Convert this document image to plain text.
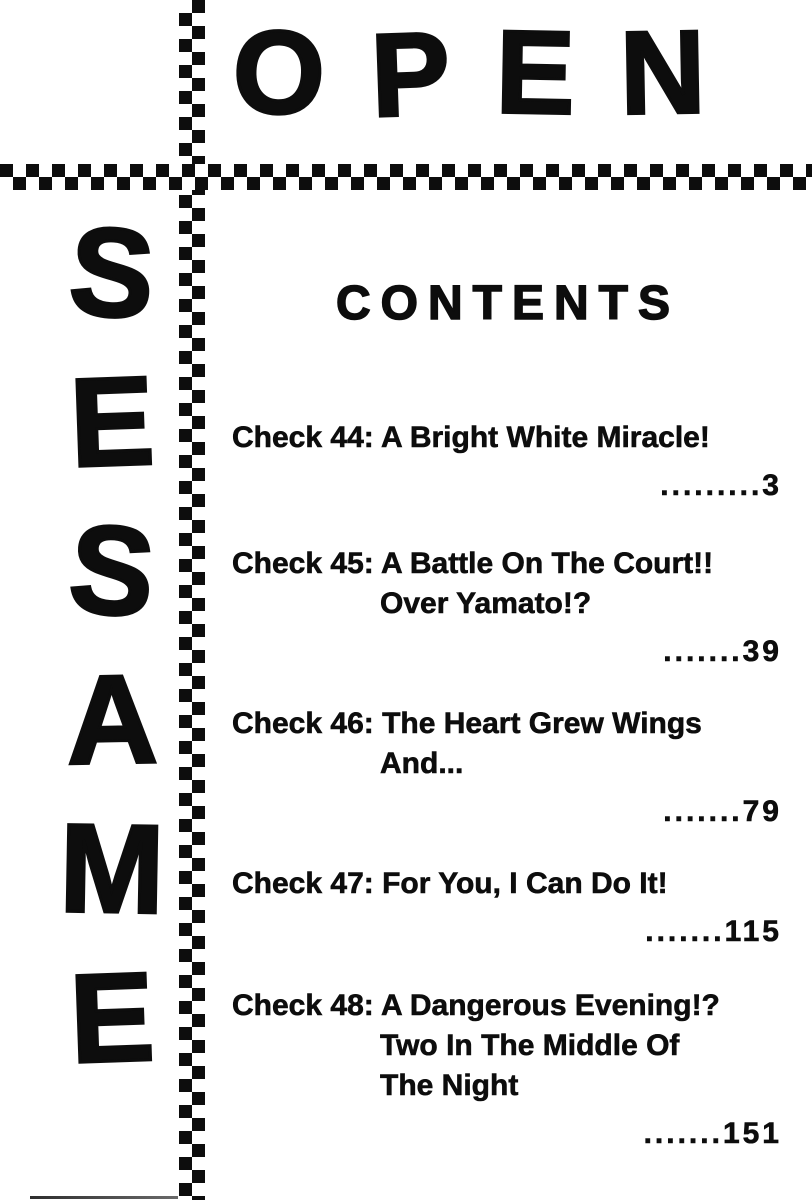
O P E N
S
E
S
A
M
E
CONTENTS
Check 44: A Bright White Miracle!
.........3
Check 45: A Battle On The Court!!
Over Yamato!?
.......39
Check 46: The Heart Grew Wings
And...
.......79
Check 47: For You, I Can Do It!
.......115
Check 48: A Dangerous Evening!?
Two In The Middle Of
The Night
.......151
